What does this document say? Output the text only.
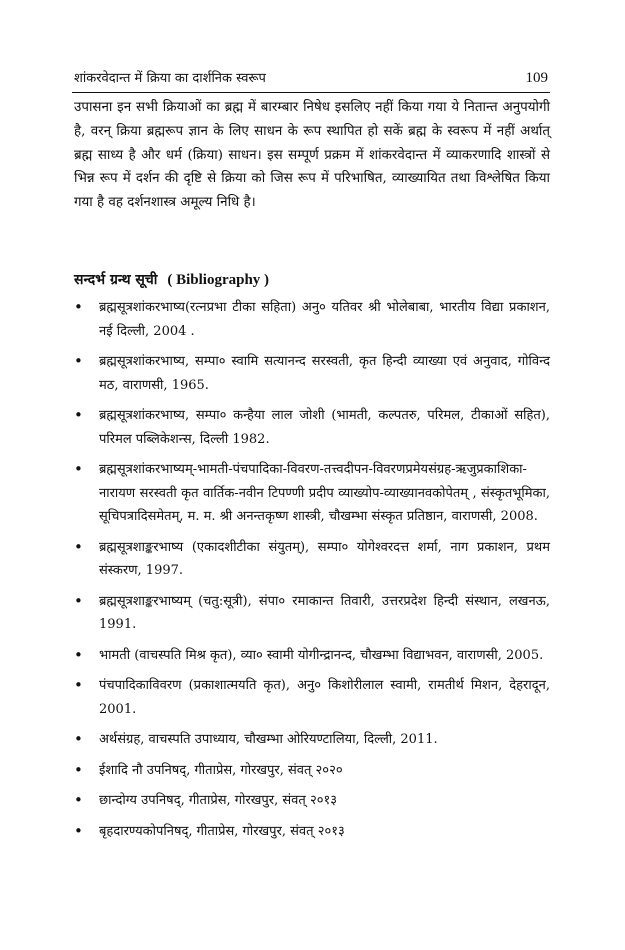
शांकरवेदान्त में क्रिया का दार्शनिक स्वरूप	109

उपासना इन सभी क्रियाओं का ब्रह्म में बारम्बार निषेध इसलिए नहीं किया गया ये नितान्त अनुपयोगी है, वरन् क्रिया ब्रह्मरूप ज्ञान के लिए साधन के रूप स्थापित हो सकें ब्रह्म के स्वरूप में नहीं अर्थात् ब्रह्म साध्य है और धर्म (क्रिया) साधन। इस सम्पूर्ण प्रक्रम में शांकरवेदान्त में व्याकरणादि शास्त्रों से भिन्न रूप में दर्शन की दृष्टि से क्रिया को जिस रूप में परिभाषित, व्याख्यायित तथा विश्लेषित किया गया है वह दर्शनशास्त्र अमूल्य निधि है।

सन्दर्भ ग्रन्थ सूची ( Bibliography )
• ब्रह्मसूत्रशांकरभाष्य(रत्नप्रभा टीका सहिता) अनु० यतिवर श्री भोलेबाबा, भारतीय विद्या प्रकाशन, नई दिल्ली, 2004 .
• ब्रह्मसूत्रशांकरभाष्य, सम्पा० स्वामि सत्यानन्द सरस्वती, कृत हिन्दी व्याख्या एवं अनुवाद, गोविन्द मठ, वाराणसी, 1965.
• ब्रह्मसूत्रशांकरभाष्य, सम्पा० कन्हैया लाल जोशी (भामती, कल्पतरु, परिमल, टीकाओं सहित), परिमल पब्लिकेशन्स, दिल्ली 1982.
• ब्रह्मसूत्रशांकरभाष्यम्-भामती-पंचपादिका-विवरण-तत्त्वदीपन-विवरणप्रमेयसंग्रह-ऋजुप्रकाशिका-नारायण सरस्वती कृत वार्तिक-नवीन टिपण्णी प्रदीप व्याख्योप-व्याख्यानवकोपेतम् , संस्कृतभूमिका, सूचिपत्रादिसमेतम्, म. म. श्री अनन्तकृष्ण शास्त्री, चौखम्भा संस्कृत प्रतिष्ठान, वाराणसी, 2008.
• ब्रह्मसूत्रशाङ्करभाष्य (एकादशीटीका संयुतम्), सम्पा० योगेश्वरदत्त शर्मा, नाग प्रकाशन, प्रथम संस्करण, 1997.
• ब्रह्मसूत्रशाङ्करभाष्यम् (चतु:सूत्री), संपा० रमाकान्त तिवारी, उत्तरप्रदेश हिन्दी संस्थान, लखनऊ, 1991.
• भामती (वाचस्पति मिश्र कृत), व्या० स्वामी योगीन्द्रानन्द, चौखम्भा विद्याभवन, वाराणसी, 2005.
• पंचपादिकाविवरण (प्रकाशात्मयति कृत), अनु० किशोरीलाल स्वामी, रामतीर्थ मिशन, देहरादून, 2001.
• अर्थसंग्रह, वाचस्पति उपाध्याय, चौखम्भा ओरियण्टालिया, दिल्ली, 2011.
• ईशादि नौ उपनिषद्, गीताप्रेस, गोरखपुर, संवत् २०२०
• छान्दोग्य उपनिषद्, गीताप्रेस, गोरखपुर, संवत् २०१३
• बृहदारण्यकोपनिषद्, गीताप्रेस, गोरखपुर, संवत् २०१३
